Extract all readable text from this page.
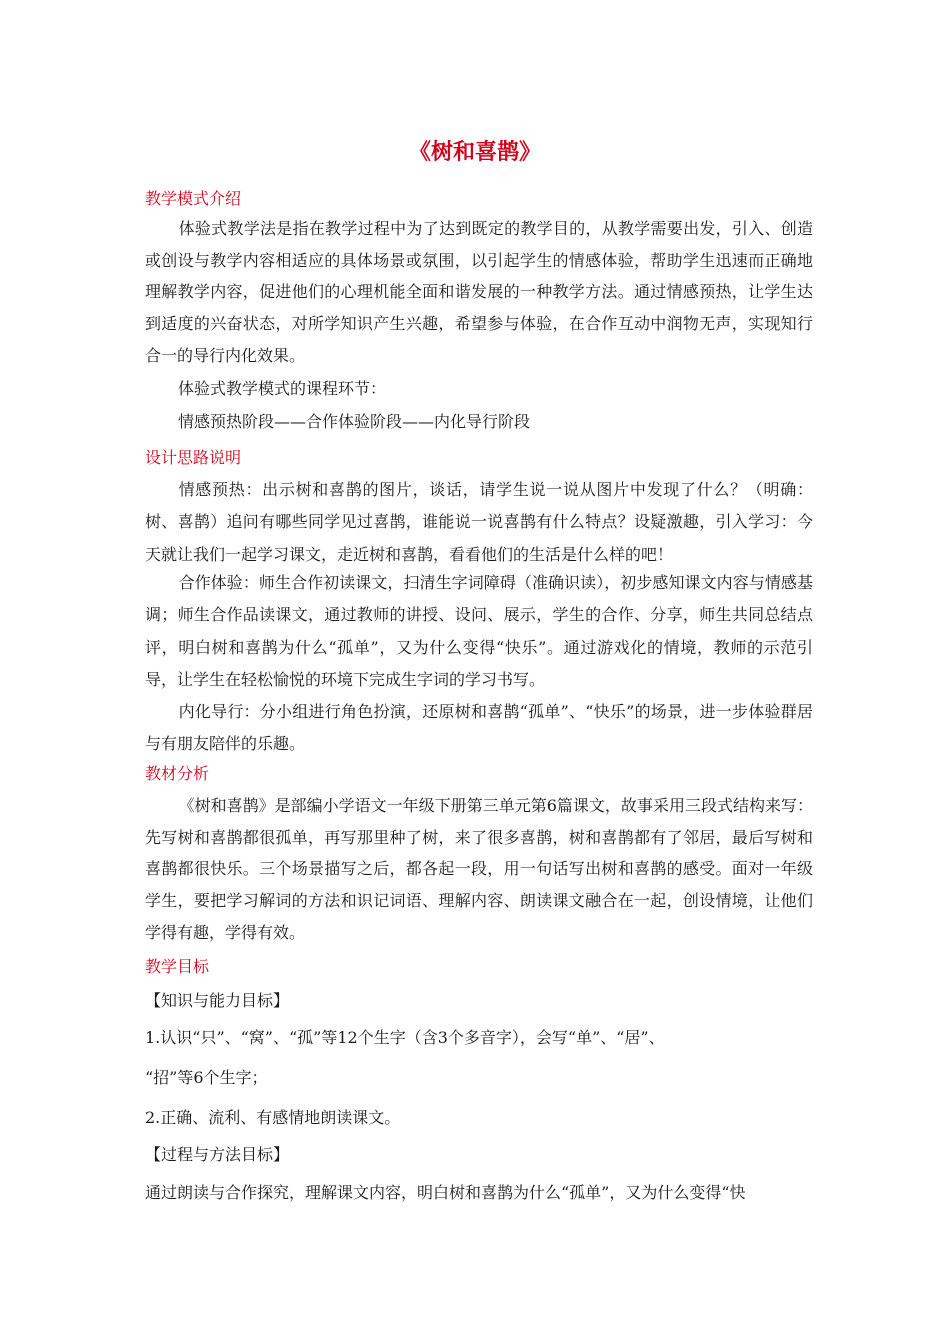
《树和喜鹊》

教学模式介绍

体验式教学法是指在教学过程中为了达到既定的教学目的，从教学需要出发，引入、创造或创设与教学内容相适应的具体场景或氛围，以引起学生的情感体验，帮助学生迅速而正确地理解教学内容，促进他们的心理机能全面和谐发展的一种教学方法。通过情感预热，让学生达到适度的兴奋状态，对所学知识产生兴趣，希望参与体验，在合作互动中润物无声，实现知行合一的导行内化效果。

体验式教学模式的课程环节：

情感预热阶段——合作体验阶段——内化导行阶段

设计思路说明

情感预热：出示树和喜鹊的图片，谈话，请学生说一说从图片中发现了什么？（明确：树、喜鹊）追问有哪些同学见过喜鹊，谁能说一说喜鹊有什么特点？设疑激趣，引入学习：今天就让我们一起学习课文，走近树和喜鹊，看看他们的生活是什么样的吧！

合作体验：师生合作初读课文，扫清生字词障碍（准确识读），初步感知课文内容与情感基调；师生合作品读课文，通过教师的讲授、设问、展示，学生的合作、分享，师生共同总结点评，明白树和喜鹊为什么“孤单”，又为什么变得“快乐”。通过游戏化的情境，教师的示范引导，让学生在轻松愉悦的环境下完成生字词的学习书写。

内化导行：分小组进行角色扮演，还原树和喜鹊“孤单”、“快乐”的场景，进一步体验群居与有朋友陪伴的乐趣。

教材分析

《树和喜鹊》是部编小学语文一年级下册第三单元第6篇课文，故事采用三段式结构来写：先写树和喜鹊都很孤单，再写那里种了树，来了很多喜鹊，树和喜鹊都有了邻居，最后写树和喜鹊都很快乐。三个场景描写之后，都各起一段，用一句话写出树和喜鹊的感受。面对一年级学生，要把学习解词的方法和识记词语、理解内容、朗读课文融合在一起，创设情境，让他们学得有趣，学得有效。

教学目标

【知识与能力目标】

1.认识“只”、“窝”、“孤”等12个生字（含3个多音字），会写“单”、“居”、

“招”等6个生字；

2.正确、流利、有感情地朗读课文。

【过程与方法目标】

通过朗读与合作探究，理解课文内容，明白树和喜鹊为什么“孤单”，又为什么变得“快
